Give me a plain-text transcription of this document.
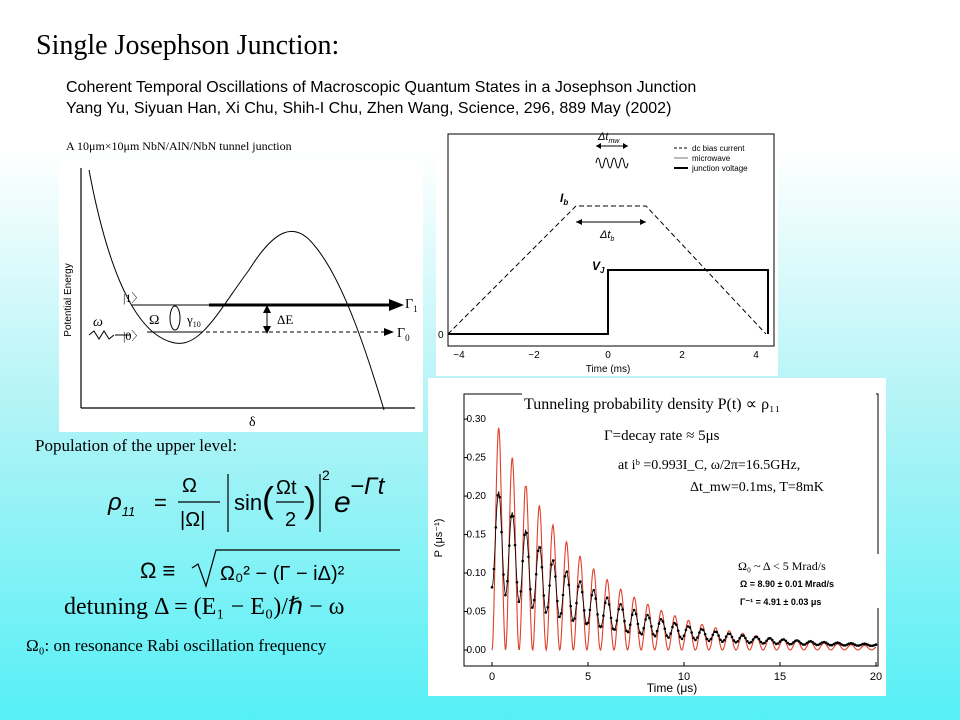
Single Josephson Junction:
Coherent Temporal Oscillations of Macroscopic Quantum States in a Josephson Junction
Yang Yu, Siyuan Han, Xi Chu, Shih-I Chu, Zhen Wang, Science, 296, 889 May (2002)
A 10μm×10μm NbN/AlN/NbN tunnel junction
Potential Energy
δ
|1〉
|0〉
ω	Ω $\gamma_{10}$	ΔE
$\Gamma_1$
$\Gamma_0$
dc bias current
microwave
junction voltage
$\Delta t_{mw}$
$I_b$
$\Delta t_b$
$V_J$
0
−4	−2	0	2	4
Time (ms)
0.00
0.05
0.10
0.15
0.20
0.25
0.30
0	5	10	15	20
P (μs⁻¹)
Time (μs)
Tunneling probability density P(t) ∝ ρ₁₁
Γ=decay rate ≈ 5μs
at iᵇ =0.993I_C, ω/2π=16.5GHz,
Δt_mw=0.1ms, T=8mK
Ω₀ ~ Δ < 5 Mrad/s
Ω = 8.90 ± 0.01 Mrad/s
Γ⁻¹ = 4.91 ± 0.03 μs
Population of the upper level:
$\rho_{11}$ =
Ω
|Ω|
sin ( Ωt
2 )
2
e −Γt
Ω ≡ Ω₀² − (Γ − iΔ)²
detuning Δ = (E₁ − E₀)/ℏ − ω
Ω₀: on resonance Rabi oscillation frequency
